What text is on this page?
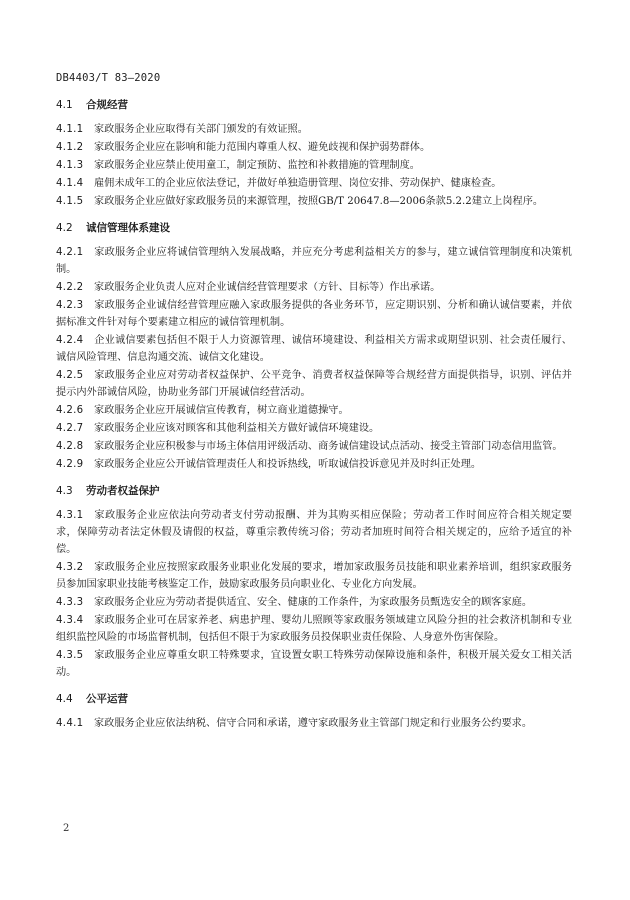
DB4403/T 83—2020
4.1 合规经营
4.1.1 家政服务企业应取得有关部门颁发的有效证照。
4.1.2 家政服务企业应在影响和能力范围内尊重人权、避免歧视和保护弱势群体。
4.1.3 家政服务企业应禁止使用童工，制定预防、监控和补救措施的管理制度。
4.1.4 雇佣未成年工的企业应依法登记，并做好单独造册管理、岗位安排、劳动保护、健康检查。
4.1.5 家政服务企业应做好家政服务员的来源管理，按照GB/T 20647.8—2006条款5.2.2建立上岗程序。
4.2 诚信管理体系建设
4.2.1 家政服务企业应将诚信管理纳入发展战略，并应充分考虑利益相关方的参与，建立诚信管理制度和决策机制。
4.2.2 家政服务企业负责人应对企业诚信经营管理要求（方针、目标等）作出承诺。
4.2.3 家政服务企业诚信经营管理应融入家政服务提供的各业务环节，应定期识别、分析和确认诚信要素，并依据标准文件针对每个要素建立相应的诚信管理机制。
4.2.4 企业诚信要素包括但不限于人力资源管理、诚信环境建设、利益相关方需求或期望识别、社会责任履行、诚信风险管理、信息沟通交流、诚信文化建设。
4.2.5 家政服务企业应对劳动者权益保护、公平竞争、消费者权益保障等合规经营方面提供指导，识别、评估并提示内外部诚信风险，协助业务部门开展诚信经营活动。
4.2.6 家政服务企业应开展诚信宣传教育，树立商业道德操守。
4.2.7 家政服务企业应该对顾客和其他利益相关方做好诚信环境建设。
4.2.8 家政服务企业应积极参与市场主体信用评级活动、商务诚信建设试点活动、接受主管部门动态信用监管。
4.2.9 家政服务企业应公开诚信管理责任人和投诉热线，听取诚信投诉意见并及时纠正处理。
4.3 劳动者权益保护
4.3.1 家政服务企业应依法向劳动者支付劳动报酬、并为其购买相应保险；劳动者工作时间应符合相关规定要求，保障劳动者法定休假及请假的权益，尊重宗教传统习俗；劳动者加班时间符合相关规定的，应给予适宜的补偿。
4.3.2 家政服务企业应按照家政服务业职业化发展的要求，增加家政服务员技能和职业素养培训，组织家政服务员参加国家职业技能考核鉴定工作，鼓励家政服务员向职业化、专业化方向发展。
4.3.3 家政服务企业应为劳动者提供适宜、安全、健康的工作条件，为家政服务员甄选安全的顾客家庭。
4.3.4 家政服务企业可在居家养老、病患护理、婴幼儿照顾等家政服务领域建立风险分担的社会救济机制和专业组织监控风险的市场监督机制，包括但不限于为家政服务员投保职业责任保险、人身意外伤害保险。
4.3.5 家政服务企业应尊重女职工特殊要求，宜设置女职工特殊劳动保障设施和条件，积极开展关爱女工相关活动。
4.4 公平运营
4.4.1 家政服务企业应依法纳税、信守合同和承诺，遵守家政服务业主管部门规定和行业服务公约要求。
2
